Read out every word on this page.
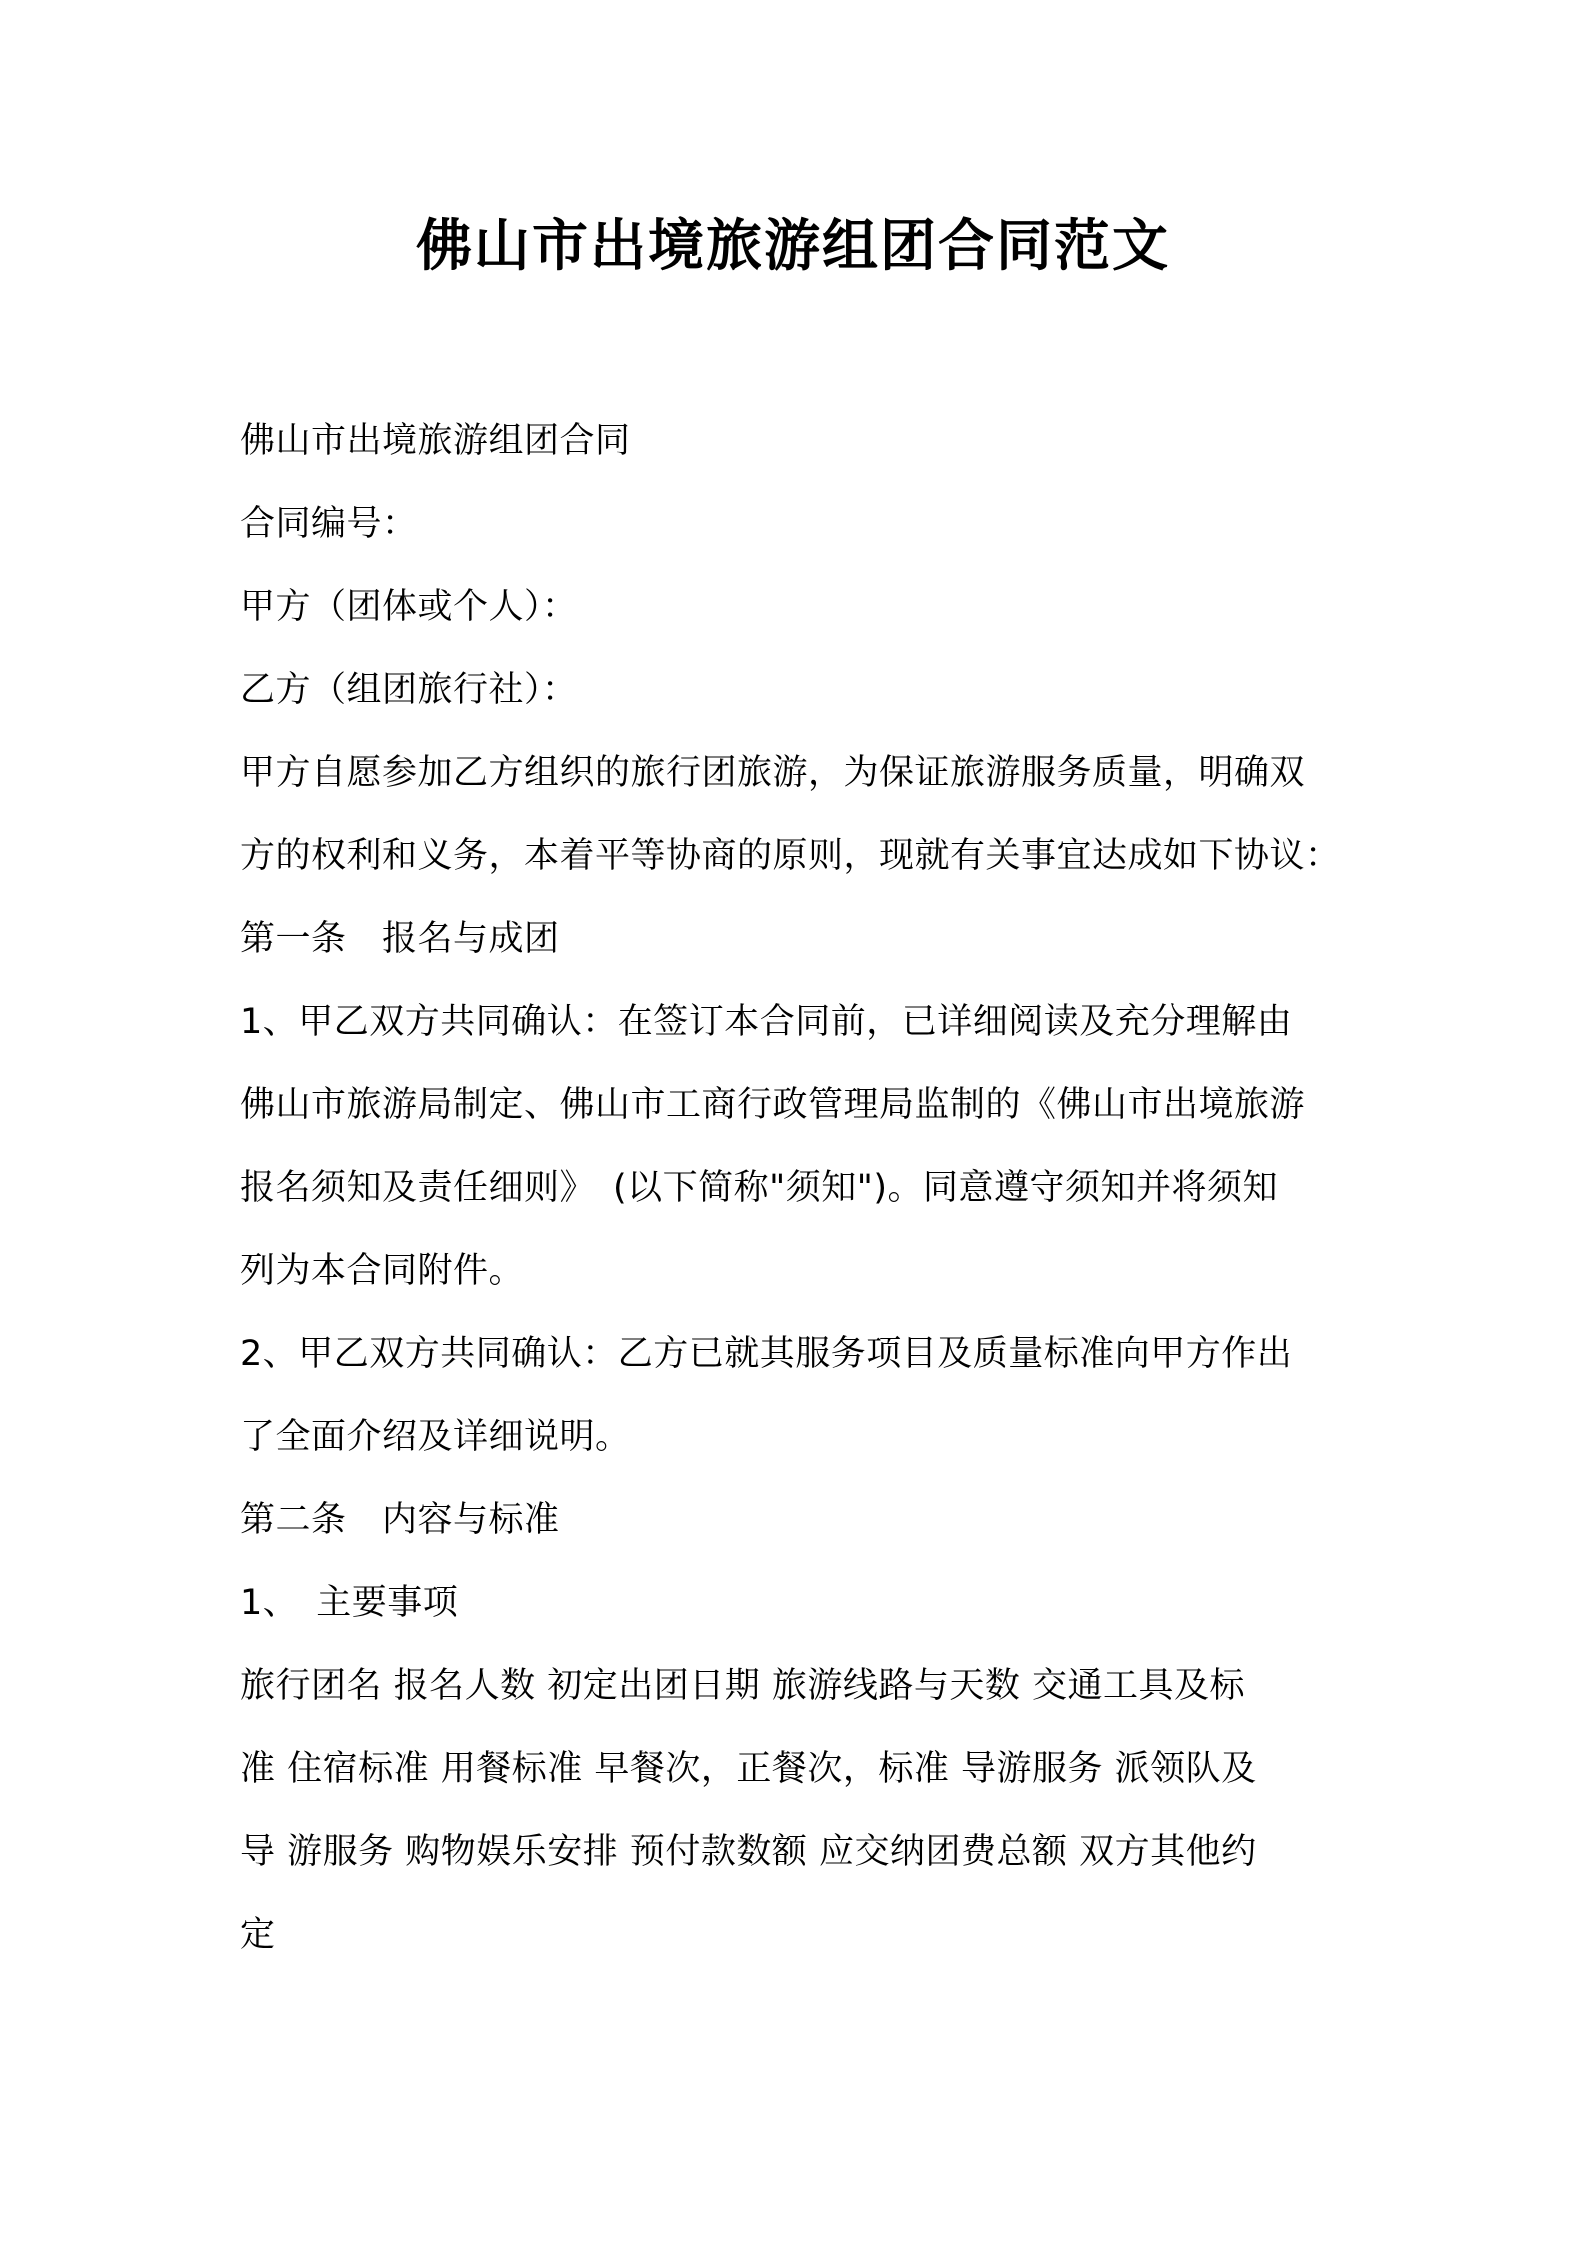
佛山市出境旅游组团合同范文
佛山市出境旅游组团合同
合同编号：
甲方（团体或个人）：
乙方（组团旅行社）：
甲方自愿参加乙方组织的旅行团旅游，为保证旅游服务质量，明确双
方的权利和义务，本着平等协商的原则，现就有关事宜达成如下协议：
第一条　报名与成团
1、甲乙双方共同确认：在签订本合同前，已详细阅读及充分理解由
佛山市旅游局制定、佛山市工商行政管理局监制的《佛山市出境旅游
报名须知及责任细则》　(以下简称"须知")。同意遵守须知并将须知
列为本合同附件。
2、甲乙双方共同确认：乙方已就其服务项目及质量标准向甲方作出
了全面介绍及详细说明。
第二条　内容与标准
1、　主要事项
旅行团名 报名人数 初定出团日期 旅游线路与天数 交通工具及标
准 住宿标准 用餐标准 早餐次，正餐次，标准 导游服务 派领队及
导 游服务 购物娱乐安排 预付款数额 应交纳团费总额 双方其他约
定
